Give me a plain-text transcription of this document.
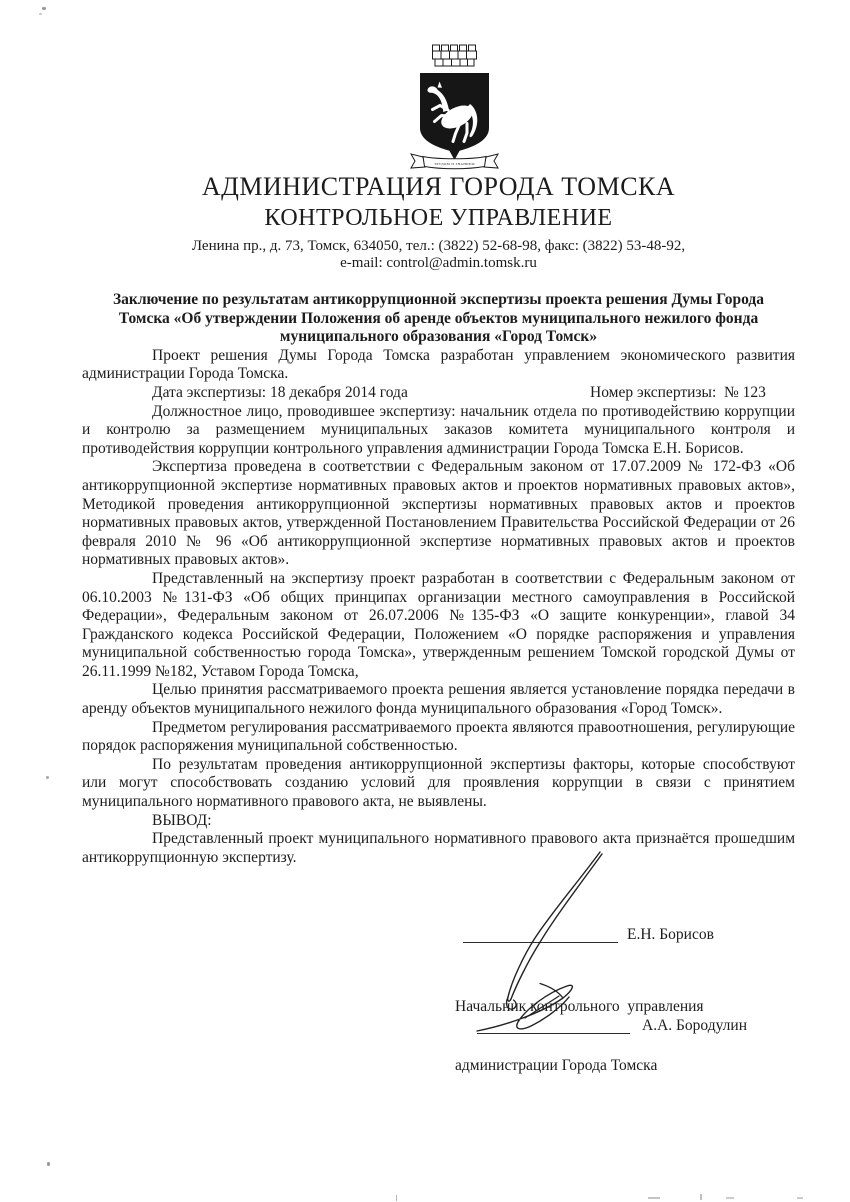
ТРУДОМ И ЗНАНИЕМ
АДМИНИСТРАЦИЯ ГОРОДА ТОМСКА
КОНТРОЛЬНОЕ УПРАВЛЕНИЕ
Ленина пр., д. 73, Томск, 634050, тел.: (3822) 52-68-98, факс: (3822) 53-48-92,
e-mail: control@admin.tomsk.ru
Заключение по результатам антикоррупционной экспертизы проекта решения Думы Города Томска «Об утверждении Положения об аренде объектов муниципального нежилого фонда муниципального образования «Город Томск»

Проект решения Думы Города Томска разработан управлением экономического развития администрации Города Томска.

Дата экспертизы: 18 декабря 2014 года	Номер экспертизы:  № 123

Должностное лицо, проводившее экспертизу: начальник отдела по противодействию коррупции и контролю за размещением муниципальных заказов комитета муниципального контроля и противодействия коррупции контрольного управления администрации Города Томска Е.Н. Борисов.

Экспертиза проведена в соответствии с Федеральным законом от 17.07.2009 № 172-ФЗ «Об антикоррупционной экспертизе нормативных правовых актов и проектов нормативных правовых актов», Методикой проведения антикоррупционной экспертизы нормативных правовых актов и проектов нормативных правовых актов, утвержденной Постановлением Правительства Российской Федерации от 26 февраля 2010 № 96 «Об антикоррупционной экспертизе нормативных правовых актов и проектов нормативных правовых актов».

Представленный на экспертизу проект разработан в соответствии с Федеральным законом от 06.10.2003 №131-ФЗ «Об общих принципах организации местного самоуправления в Российской Федерации», Федеральным законом от 26.07.2006 №135-ФЗ «О защите конкуренции», главой 34 Гражданского кодекса Российской Федерации, Положением «О порядке распоряжения и управления муниципальной собственностью города Томска», утвержденным решением Томской городской Думы от 26.11.1999 №182, Уставом Города Томска,

Целью принятия рассматриваемого проекта решения является установление порядка передачи в аренду объектов муниципального нежилого фонда муниципального образования «Город Томск».

Предметом регулирования рассматриваемого проекта являются правоотношения, регулирующие порядок распоряжения муниципальной собственностью.

По результатам проведения антикоррупционной экспертизы факторы, которые способствуют или могут способствовать созданию условий для проявления коррупции в связи с принятием муниципального нормативного правового акта, не выявлены.

ВЫВОД:

Представленный проект муниципального нормативного правового акта признаётся прошедшим антикоррупционную экспертизу.

Е.Н. Борисов

Начальник контрольного  управления

администрации Города Томска

А.А. Бородулин
